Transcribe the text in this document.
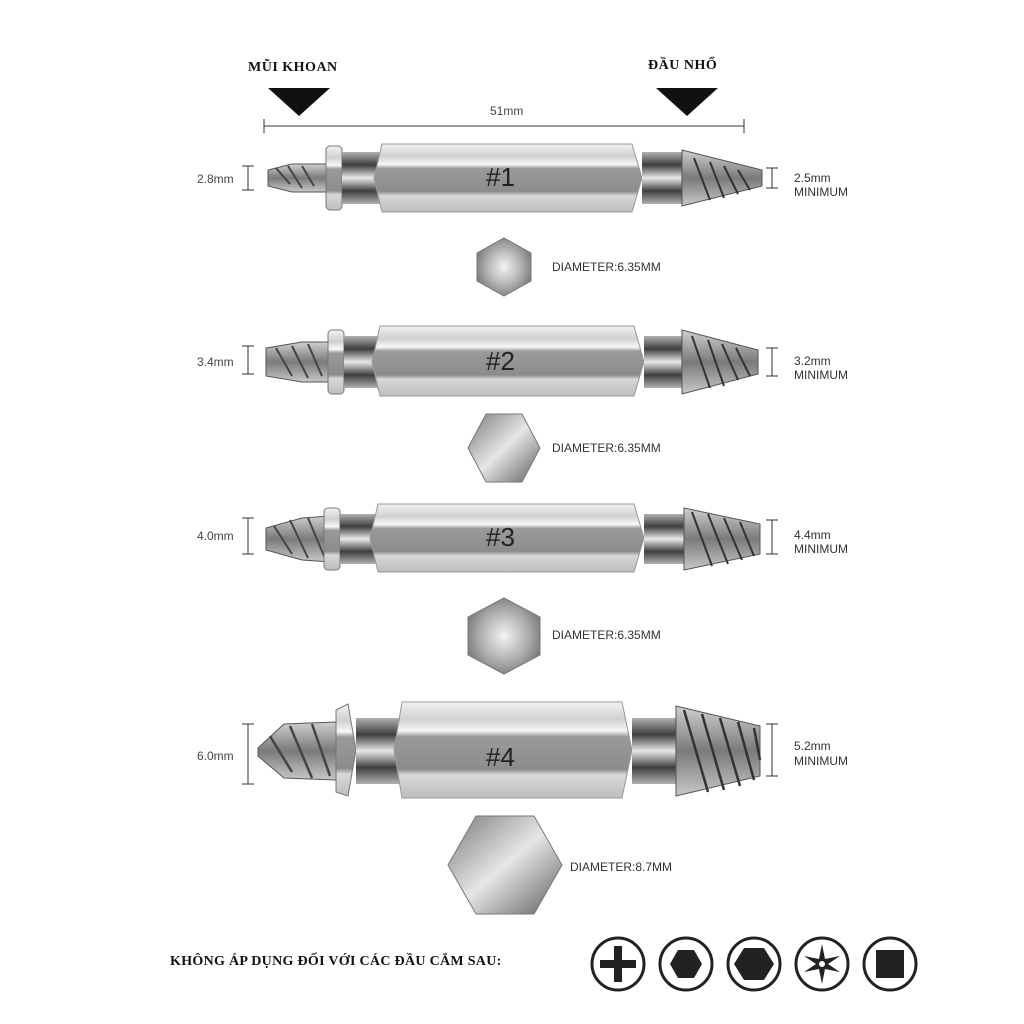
MŨI KHOAN	ĐẦU NHỔ
51mm
2.8mm	#1	2.5mm
MINIMUM
DIAMETER:6.35MM
3.4mm	#2	3.2mm
MINIMUM
DIAMETER:6.35MM
4.0mm	#3	4.4mm
MINIMUM
DIAMETER:6.35MM
6.0mm	#4	5.2mm
MINIMUM
DIAMETER:8.7MM
KHÔNG ÁP DỤNG ĐỐI VỚI CÁC ĐẦU CẮM SAU:
